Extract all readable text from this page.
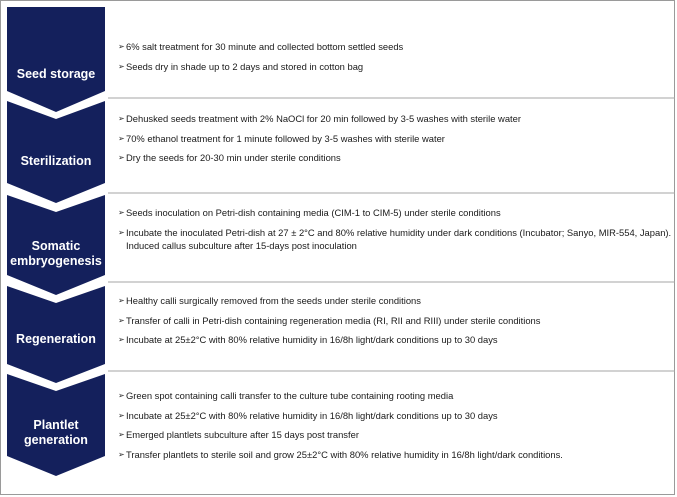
Seed storage
Sterilization
Somatic embryogenesis
Regeneration
Plantlet generation
➢ 6% salt treatment for 30 minute and collected bottom settled seeds
➢ Seeds dry in shade up to 2 days and stored in cotton bag
➢ Dehusked seeds treatment with 2% NaOCl for 20 min followed by 3-5 washes with sterile water
➢ 70% ethanol treatment for 1 minute followed by 3-5 washes with sterile water
➢ Dry the seeds for 20-30 min under sterile conditions
➢ Seeds inoculation on Petri-dish containing media (CIM-1 to CIM-5) under sterile conditions
➢ Incubate the inoculated Petri-dish at 27 ± 2°C and 80% relative humidity under dark conditions (Incubator; Sanyo, MIR-554, Japan). Induced callus subculture after 15-days post inoculation
➢ Healthy calli surgically removed from the seeds under sterile conditions
➢ Transfer of calli in Petri-dish containing regeneration media (RI, RII and RIII) under sterile conditions
➢ Incubate at 25±2°C with 80% relative humidity in 16/8h light/dark conditions up to 30 days
➢ Green spot containing calli transfer to the culture tube containing rooting media
➢ Incubate at 25±2°C with 80% relative humidity in 16/8h light/dark conditions up to 30 days
➢ Emerged plantlets subculture after 15 days post transfer
➢ Transfer plantlets to sterile soil and grow 25±2°C with 80% relative humidity in 16/8h light/dark conditions.
